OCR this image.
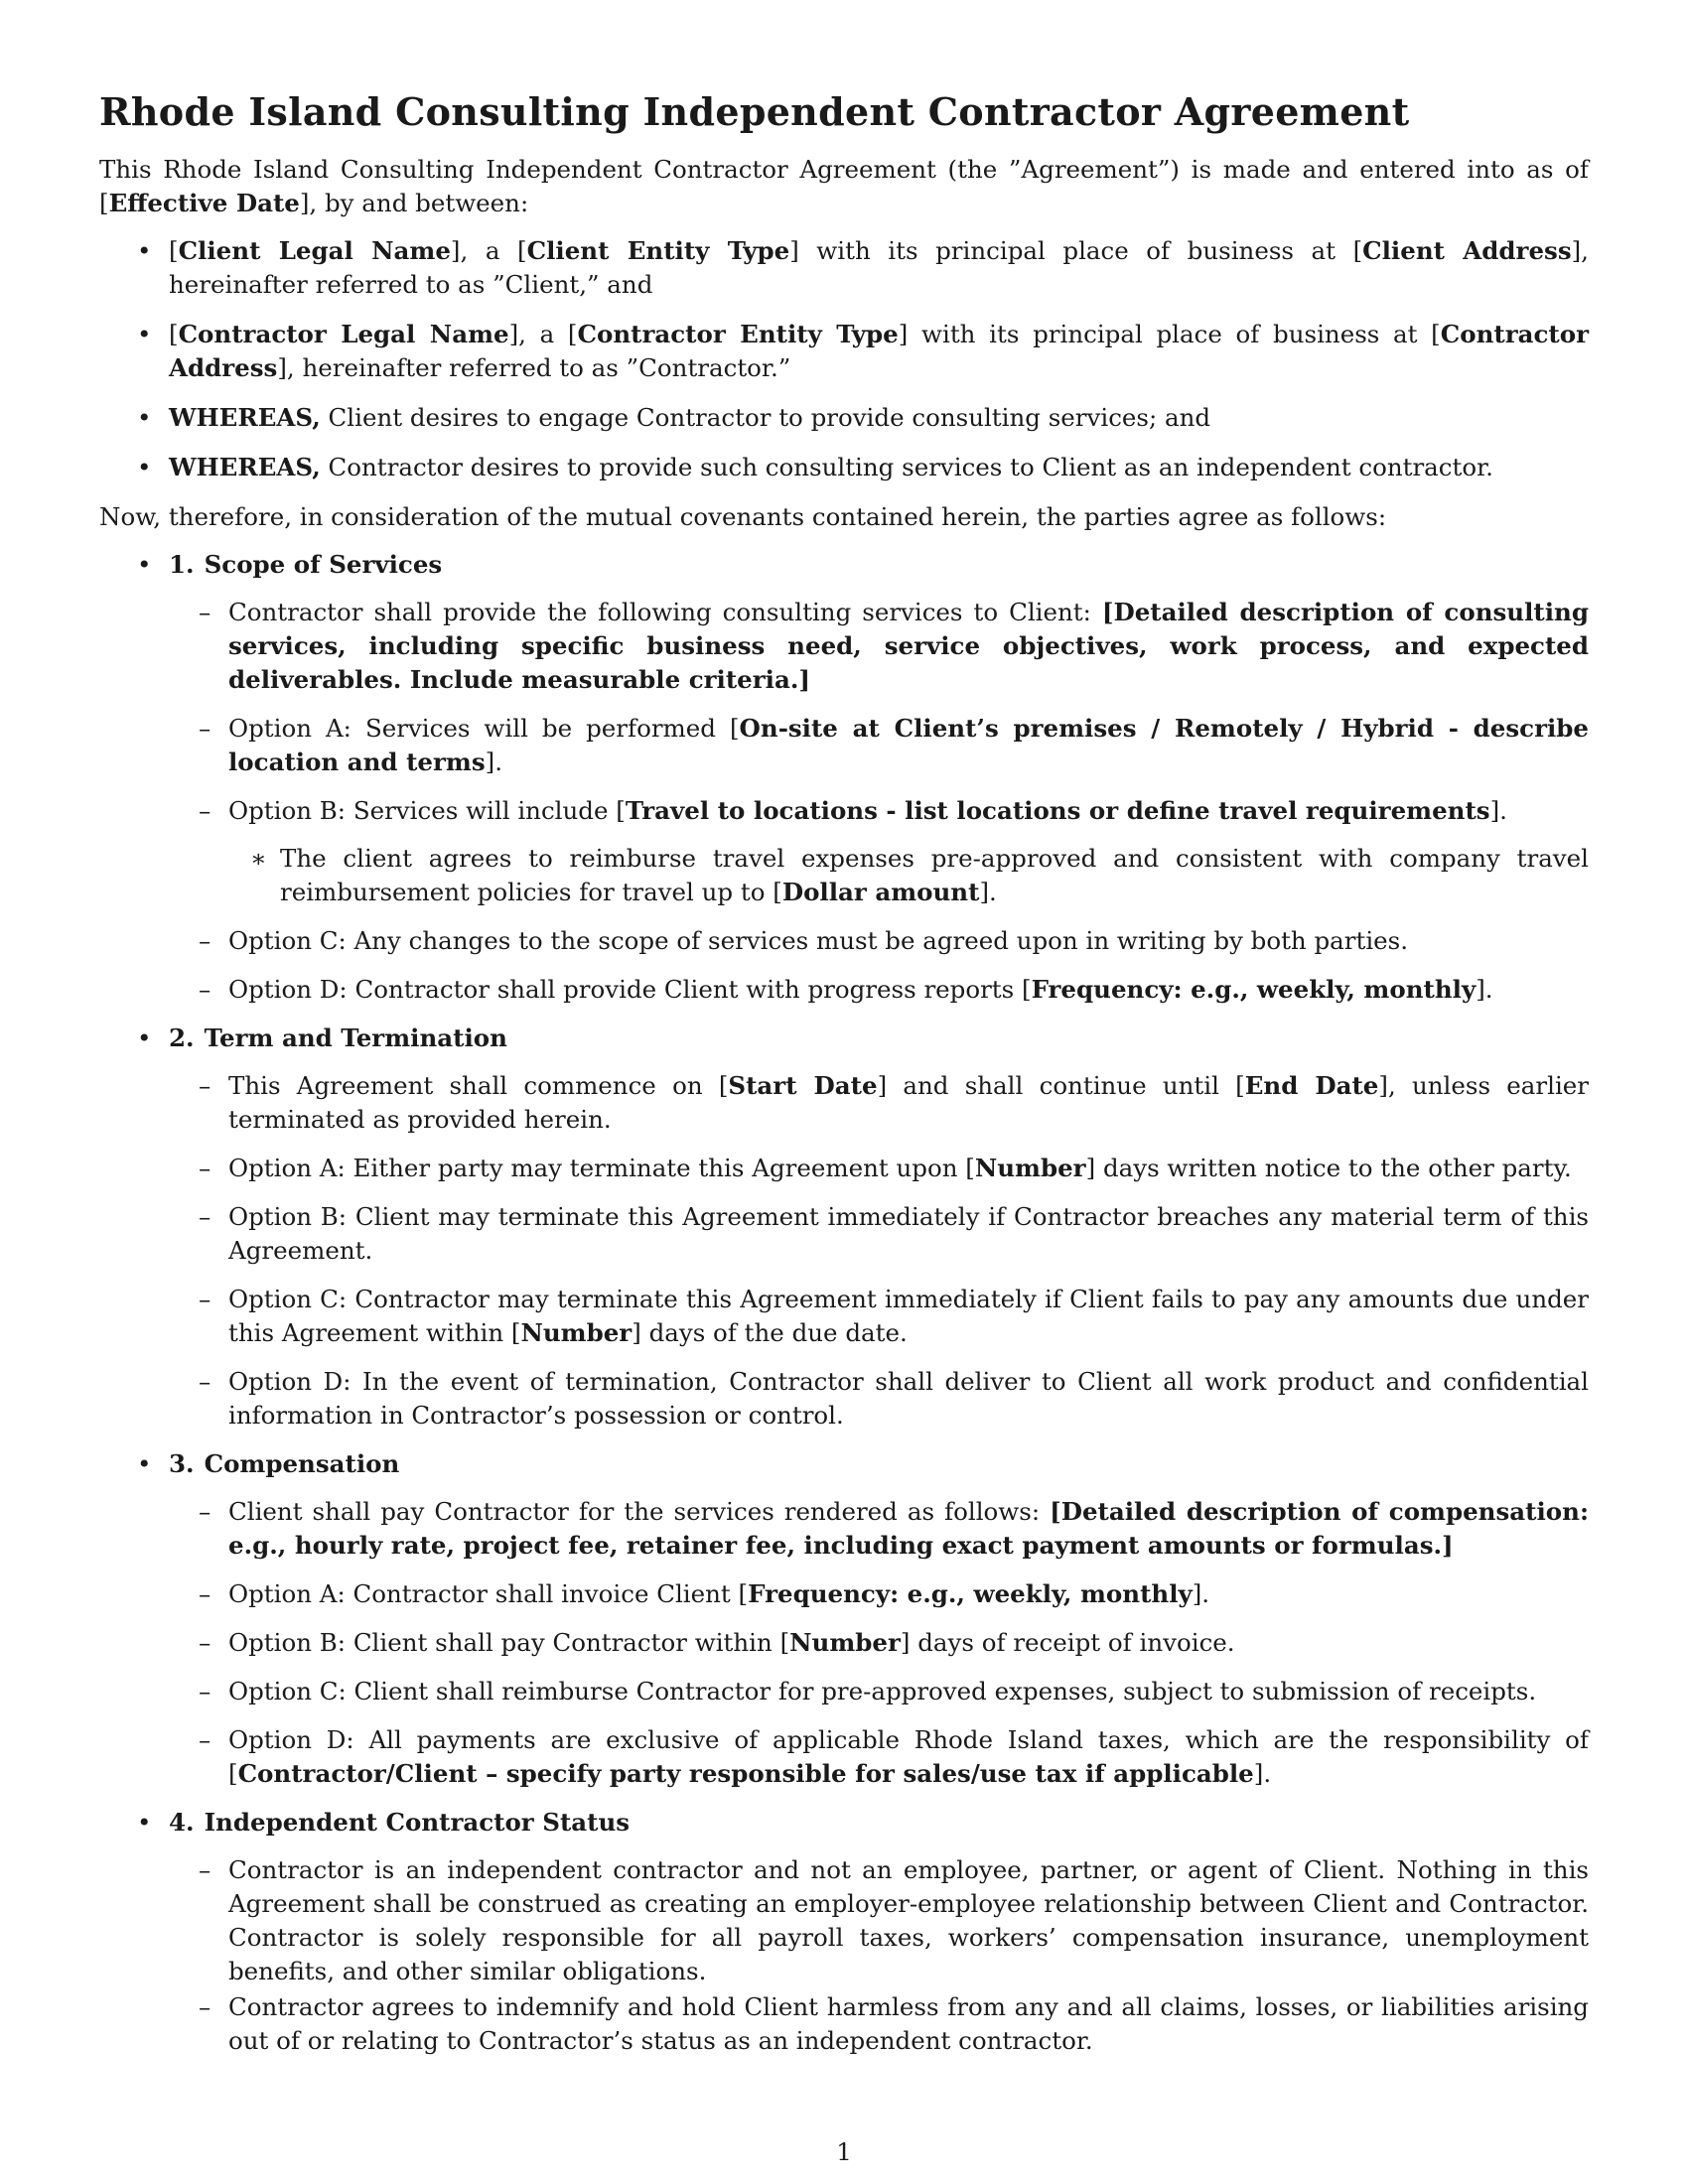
Rhode Island Consulting Independent Contractor Agreement

This Rhode Island Consulting Independent Contractor Agreement (the ”Agreement”) is made and entered into as of [Effective Date], by and between:

• [Client Legal Name], a [Client Entity Type] with its principal place of business at [Client Address], hereinafter referred to as ”Client,” and
• [Contractor Legal Name], a [Contractor Entity Type] with its principal place of business at [Contractor Address], hereinafter referred to as ”Contractor.”
• WHEREAS, Client desires to engage Contractor to provide consulting services; and
• WHEREAS, Contractor desires to provide such consulting services to Client as an independent contractor.

Now, therefore, in consideration of the mutual covenants contained herein, the parties agree as follows:

• 1. Scope of Services
– Contractor shall provide the following consulting services to Client: [Detailed description of consulting services, including specific business need, service objectives, work process, and expected deliverables. Include measurable criteria.]
– Option A: Services will be performed [On-site at Client’s premises / Remotely / Hybrid - describe location and terms].
– Option B: Services will include [Travel to locations - list locations or define travel requirements].
∗ The client agrees to reimburse travel expenses pre-approved and consistent with company travel reimbursement policies for travel up to [Dollar amount].
– Option C: Any changes to the scope of services must be agreed upon in writing by both parties.
– Option D: Contractor shall provide Client with progress reports [Frequency: e.g., weekly, monthly].
• 2. Term and Termination
– This Agreement shall commence on [Start Date] and shall continue until [End Date], unless earlier terminated as provided herein.
– Option A: Either party may terminate this Agreement upon [Number] days written notice to the other party.
– Option B: Client may terminate this Agreement immediately if Contractor breaches any material term of this Agreement.
– Option C: Contractor may terminate this Agreement immediately if Client fails to pay any amounts due under this Agreement within [Number] days of the due date.
– Option D: In the event of termination, Contractor shall deliver to Client all work product and confidential information in Contractor’s possession or control.
• 3. Compensation
– Client shall pay Contractor for the services rendered as follows: [Detailed description of compensation: e.g., hourly rate, project fee, retainer fee, including exact payment amounts or formulas.]
– Option A: Contractor shall invoice Client [Frequency: e.g., weekly, monthly].
– Option B: Client shall pay Contractor within [Number] days of receipt of invoice.
– Option C: Client shall reimburse Contractor for pre-approved expenses, subject to submission of receipts.
– Option D: All payments are exclusive of applicable Rhode Island taxes, which are the responsibility of [Contractor/Client – specify party responsible for sales/use tax if applicable].
• 4. Independent Contractor Status
– Contractor is an independent contractor and not an employee, partner, or agent of Client. Nothing in this Agreement shall be construed as creating an employer-employee relationship between Client and Contractor. Contractor is solely responsible for all payroll taxes, workers’ compensation insurance, unemployment benefits, and other similar obligations.
– Contractor agrees to indemnify and hold Client harmless from any and all claims, losses, or liabilities arising out of or relating to Contractor’s status as an independent contractor.
1
